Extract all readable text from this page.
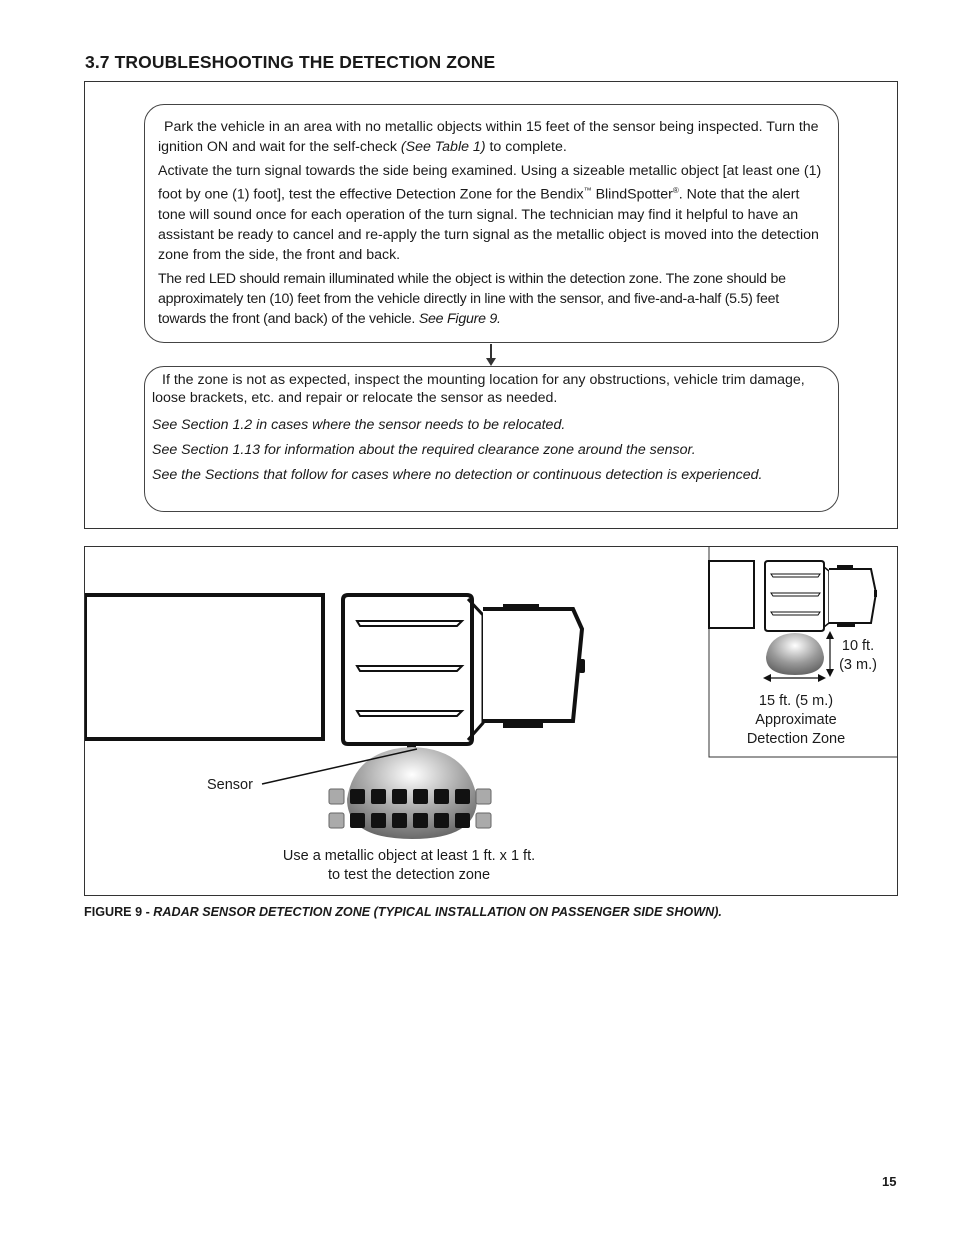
3.7 TROUBLESHOOTING THE DETECTION ZONE

Park the vehicle in an area with no metallic objects within 15 feet of the sensor being inspected. Turn the ignition ON and wait for the self-check (See Table 1) to complete.

Activate the turn signal towards the side being examined. Using a sizeable metallic object [at least one (1) foot by one (1) foot], test the effective Detection Zone for the Bendix™ BlindSpotter®. Note that the alert tone will sound once for each operation of the turn signal. The technician may find it helpful to have an assistant be ready to cancel and re-apply the turn signal as the metallic object is moved into the detection zone from the side, the front and back.

The red LED should remain illuminated while the object is within the detection zone. The zone should be approximately ten (10) feet from the vehicle directly in line with the sensor, and five-and-a-half (5.5) feet towards the front (and back) of the vehicle. See Figure 9.

If the zone is not as expected, inspect the mounting location for any obstructions, vehicle trim damage, loose brackets, etc. and repair or relocate the sensor as needed.

See Section 1.2 in cases where the sensor needs to be relocated.

See Section 1.13 for information about the required clearance zone around the sensor.

See the Sections that follow for cases where no detection or continuous detection is experienced.

Sensor
Use a metallic object at least 1 ft. x 1 ft.
to test the detection zone
10 ft.
(3 m.)
15 ft. (5 m.)
Approximate
Detection Zone

FIGURE 9 - RADAR SENSOR DETECTION ZONE (TYPICAL INSTALLATION ON PASSENGER SIDE SHOWN).

15
